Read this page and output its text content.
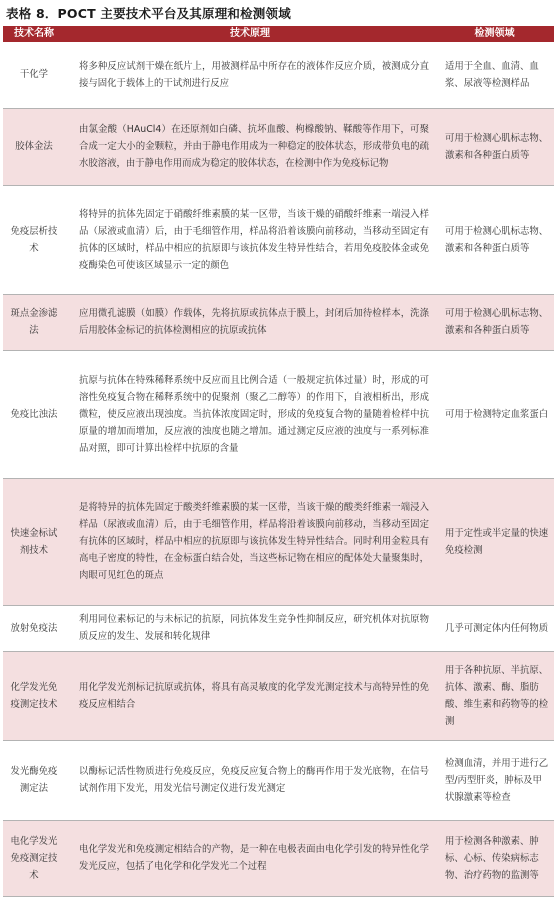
表格 8．POCT 主要技术平台及其原理和检测领域
技术名称	技术原理	检测领域
干化学	将多种反应试剂干燥在纸片上，用被测样品中所存在的液体作反应介质，被测成分直接与固化于载体上的干试剂进行反应	适用于全血、血清、血浆、尿液等检测样品
胶体金法	由氯金酸（HAuCl4）在还原剂如白磷、抗坏血酸、枸橼酸钠、鞣酸等作用下，可聚合成一定大小的金颗粒，并由于静电作用成为一种稳定的胶体状态，形成带负电的疏水胶溶液，由于静电作用而成为稳定的胶体状态，在检测中作为免疫标记物	可用于检测心肌标志物、激素和各种蛋白质等
免疫层析技术	将特异的抗体先固定于硝酸纤维素膜的某一区带，当该干燥的硝酸纤维素一端浸入样品（尿液或血清）后，由于毛细管作用，样品将沿着该膜向前移动，当移动至固定有抗体的区域时，样品中相应的抗原即与该抗体发生特异性结合，若用免疫胶体金或免疫酶染色可使该区域显示一定的颜色	可用于检测心肌标志物、激素和各种蛋白质等
斑点金渗滤法	应用微孔滤膜（如膜）作载体，先将抗原或抗体点于膜上，封闭后加待检样本，洗涤后用胶体金标记的抗体检测相应的抗原或抗体	可用于检测心肌标志物、激素和各种蛋白质等
免疫比浊法	抗原与抗体在特殊稀释系统中反应而且比例合适（一般规定抗体过量）时，形成的可溶性免疫复合物在稀释系统中的促聚剂（聚乙二醇等）的作用下，自液相析出，形成微粒，使反应液出现浊度。当抗体浓度固定时，形成的免疫复合物的量随着检样中抗原量的增加而增加，反应液的浊度也随之增加。通过测定反应液的浊度与一系列标准品对照，即可计算出检样中抗原的含量	可用于检测特定血浆蛋白
快速金标试剂技术	是将特异的抗体先固定于酸类纤维素膜的某一区带，当该干燥的酸类纤维素一端浸入样品（尿液或血清）后，由于毛细管作用，样品将沿着该膜向前移动，当移动至固定有抗体的区域时，样品中相应的抗原即与该抗体发生特异性结合。同时利用金粒具有高电子密度的特性，在金标蛋白结合处，当这些标记物在相应的配体处大量聚集时，肉眼可见红色的斑点	用于定性或半定量的快速免疫检测
放射免疫法	利用同位素标记的与未标记的抗原，同抗体发生竞争性抑制反应，研究机体对抗原物质反应的发生、发展和转化规律	几乎可测定体内任何物质
化学发光免疫测定技术	用化学发光剂标记抗原或抗体，将具有高灵敏度的化学发光测定技术与高特异性的免疫反应相结合	用于各种抗原、半抗原、抗体、激素、酶、脂肪酸、维生素和药物等的检测
发光酶免疫测定法	以酶标记活性物质进行免疫反应，免疫反应复合物上的酶再作用于发光底物，在信号试剂作用下发光，用发光信号测定仪进行发光测定	检测血清，并用于进行乙型/丙型肝炎，肿标及甲状腺激素等检查
电化学发光免疫测定技术	电化学发光和免疫测定相结合的产物，是一种在电极表面由电化学引发的特异性化学发光反应，包括了电化学和化学发光二个过程	用于检测各种激素、肿标、心标、传染病标志物、治疗药物的监测等
